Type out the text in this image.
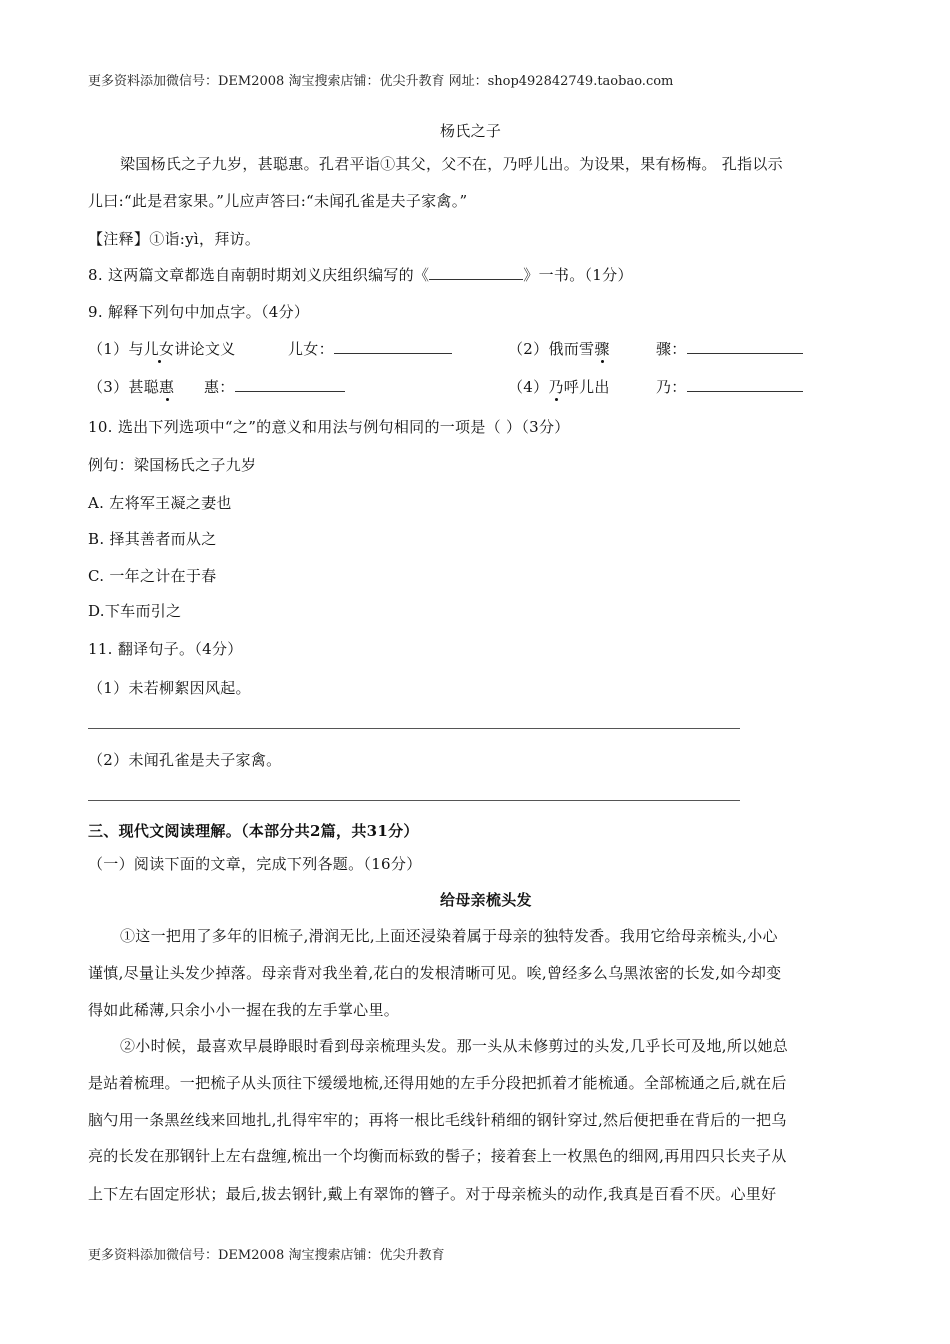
更多资料添加微信号：DEM2008 淘宝搜索店铺：优尖升教育 网址：shop492842749.taobao.com
杨氏之子
梁国杨氏之子九岁，甚聪惠。孔君平诣①其父，父不在，乃呼儿出。为设果，果有杨梅。 孔指以示
儿曰:“此是君家果。”儿应声答曰:“未闻孔雀是夫子家禽。”
【注释】①诣:yì，拜访。
8. 这两篇文章都选自南朝时期刘义庆组织编写的《	》一书。（1分）
9. 解释下列句中加点字。（4分）
（1）与儿女讲论文义	儿女：	（2）俄而雪骤	骤：
（3）甚聪惠 惠：	（4）乃呼儿出	乃：
10. 选出下列选项中“之”的意义和用法与例句相同的一项是（ ）（3分）
例句：梁国杨氏之子九岁
A. 左将军王凝之妻也
B. 择其善者而从之
C. 一年之计在于春
D.下车而引之
11. 翻译句子。（4分）
（1）未若柳絮因风起。
（2）未闻孔雀是夫子家禽。
三、现代文阅读理解。（本部分共2篇，共31分）
（一）阅读下面的文章，完成下列各题。（16分）
给母亲梳头发
①这一把用了多年的旧梳子,滑润无比,上面还浸染着属于母亲的独特发香。我用它给母亲梳头,小心
谨慎,尽量让头发少掉落。母亲背对我坐着,花白的发根清晰可见。唉,曾经多么乌黑浓密的长发,如今却变
得如此稀薄,只余小小一握在我的左手掌心里。
②小时候，最喜欢早晨睁眼时看到母亲梳理头发。那一头从未修剪过的头发,几乎长可及地,所以她总
是站着梳理。一把梳子从头顶往下缓缓地梳,还得用她的左手分段把抓着才能梳通。全部梳通之后,就在后
脑勺用一条黑丝线来回地扎,扎得牢牢的；再将一根比毛线针稍细的钢针穿过,然后便把垂在背后的一把乌
亮的长发在那钢针上左右盘缠,梳出一个均衡而标致的髻子；接着套上一枚黑色的细网,再用四只长夹子从
上下左右固定形状；最后,拔去钢针,戴上有翠饰的簪子。对于母亲梳头的动作,我真是百看不厌。心里好
更多资料添加微信号：DEM2008 淘宝搜索店铺：优尖升教育
